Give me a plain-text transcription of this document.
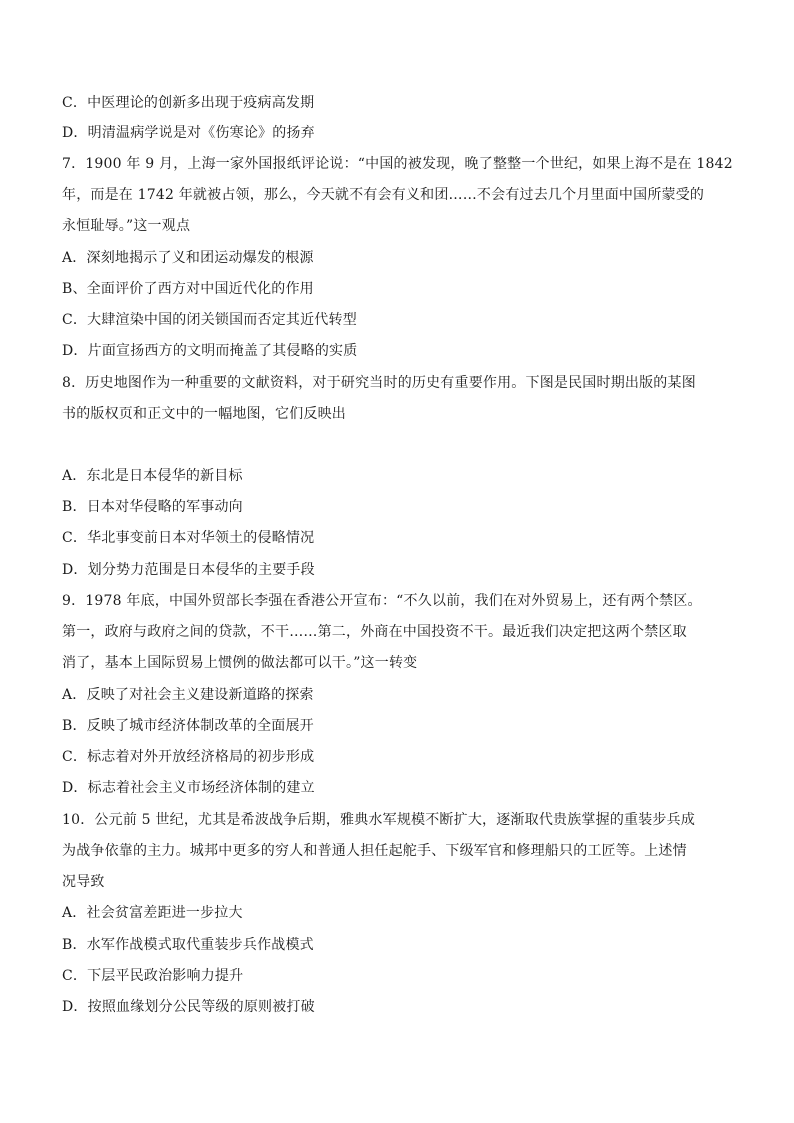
C．中医理论的创新多出现于疫病高发期
D．明清温病学说是对《伤寒论》的扬弃
7．1900 年 9 月，上海一家外国报纸评论说：“中国的被发现，晚了整整一个世纪，如果上海不是在 1842
年，而是在 1742 年就被占领，那么，今天就不有会有义和团……不会有过去几个月里面中国所蒙受的
永恒耻辱。”这一观点
A．深刻地揭示了义和团运动爆发的根源
B、全面评价了西方对中国近代化的作用
C．大肆渲染中国的闭关锁国而否定其近代转型
D．片面宣扬西方的文明而掩盖了其侵略的实质
8．历史地图作为一种重要的文献资料，对于研究当时的历史有重要作用。下图是民国时期出版的某图
书的版权页和正文中的一幅地图，它们反映出
A．东北是日本侵华的新目标
B．日本对华侵略的军事动向
C．华北事变前日本对华领土的侵略情况
D．划分势力范围是日本侵华的主要手段
9．1978 年底，中国外贸部长李强在香港公开宣布：“不久以前，我们在对外贸易上，还有两个禁区。
第一，政府与政府之间的贷款，不干……第二，外商在中国投资不干。最近我们决定把这两个禁区取
消了，基本上国际贸易上惯例的做法都可以干。”这一转变
A．反映了对社会主义建设新道路的探索
B．反映了城市经济体制改革的全面展开
C．标志着对外开放经济格局的初步形成
D．标志着社会主义市场经济体制的建立
10．公元前 5 世纪，尤其是希波战争后期，雅典水军规模不断扩大，逐渐取代贵族掌握的重装步兵成
为战争依靠的主力。城邦中更多的穷人和普通人担任起舵手、下级军官和修理船只的工匠等。上述情
况导致
A．社会贫富差距进一步拉大
B．水军作战模式取代重装步兵作战模式
C．下层平民政治影响力提升
D．按照血缘划分公民等级的原则被打破
